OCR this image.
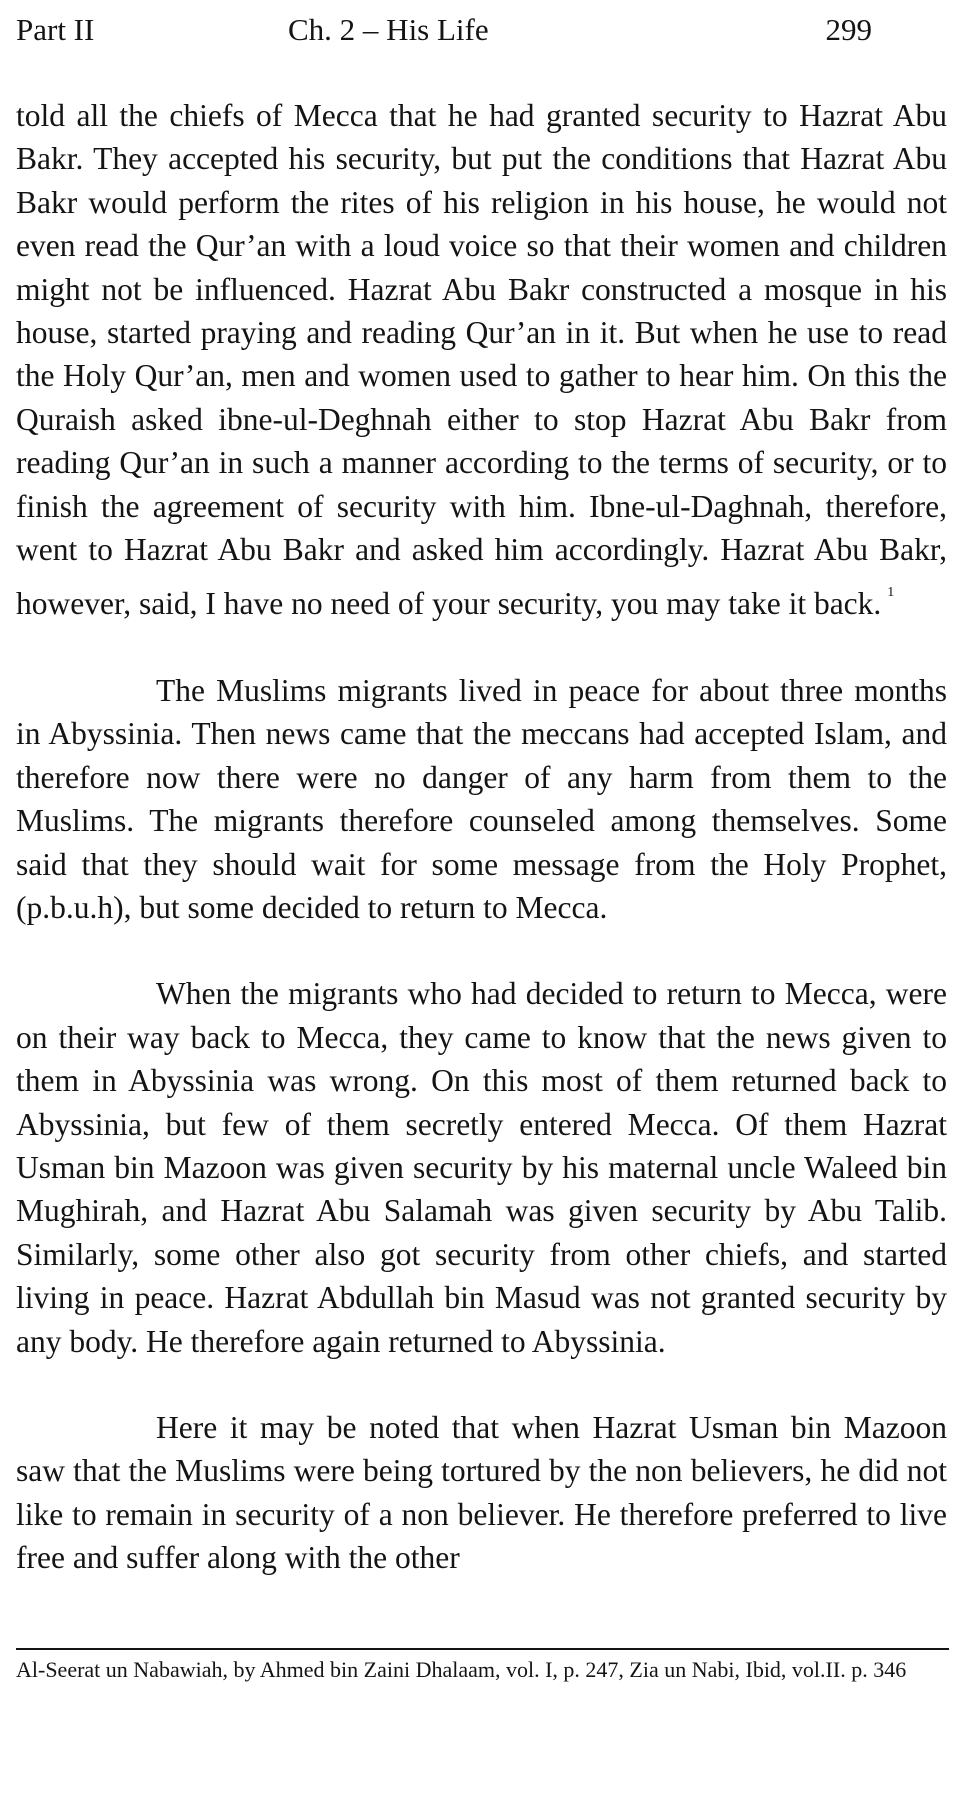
Part II	Ch. 2 – His Life	299

told all the chiefs of Mecca that he had granted security to Hazrat Abu Bakr. They accepted his security, but put the conditions that Hazrat Abu Bakr would perform the rites of his religion in his house, he would not even read the Qur’an with a loud voice so that their women and children might not be influenced. Hazrat Abu Bakr constructed a mosque in his house, started praying and reading Qur’an in it. But when he use to read the Holy Qur’an, men and women used to gather to hear him. On this the Quraish asked ibne-ul-Deghnah either to stop Hazrat Abu Bakr from reading Qur’an in such a manner according to the terms of security, or to finish the agreement of security with him. Ibne-ul-Daghnah, therefore, went to Hazrat Abu Bakr and asked him accordingly. Hazrat Abu Bakr, however, said, I have no need of your security, you may take it back. $^1$

The Muslims migrants lived in peace for about three months in Abyssinia. Then news came that the meccans had accepted Islam, and therefore now there were no danger of any harm from them to the Muslims. The migrants therefore counseled among themselves. Some said that they should wait for some message from the Holy Prophet, (p.b.u.h), but some decided to return to Mecca.

When the migrants who had decided to return to Mecca, were on their way back to Mecca, they came to know that the news given to them in Abyssinia was wrong. On this most of them returned back to Abyssinia, but few of them secretly entered Mecca. Of them Hazrat Usman bin Mazoon was given security by his maternal uncle Waleed bin Mughirah, and Hazrat Abu Salamah was given security by Abu Talib. Similarly, some other also got security from other chiefs, and started living in peace. Hazrat Abdullah bin Masud was not granted security by any body. He therefore again returned to Abyssinia.

Here it may be noted that when Hazrat Usman bin Mazoon saw that the Muslims were being tortured by the non believers, he did not like to remain in security of a non believer. He therefore preferred to live free and suffer along with the other

Al-Seerat un Nabawiah, by Ahmed bin Zaini Dhalaam, vol. I, p. 247, Zia un Nabi, Ibid, vol.II. p. 346
